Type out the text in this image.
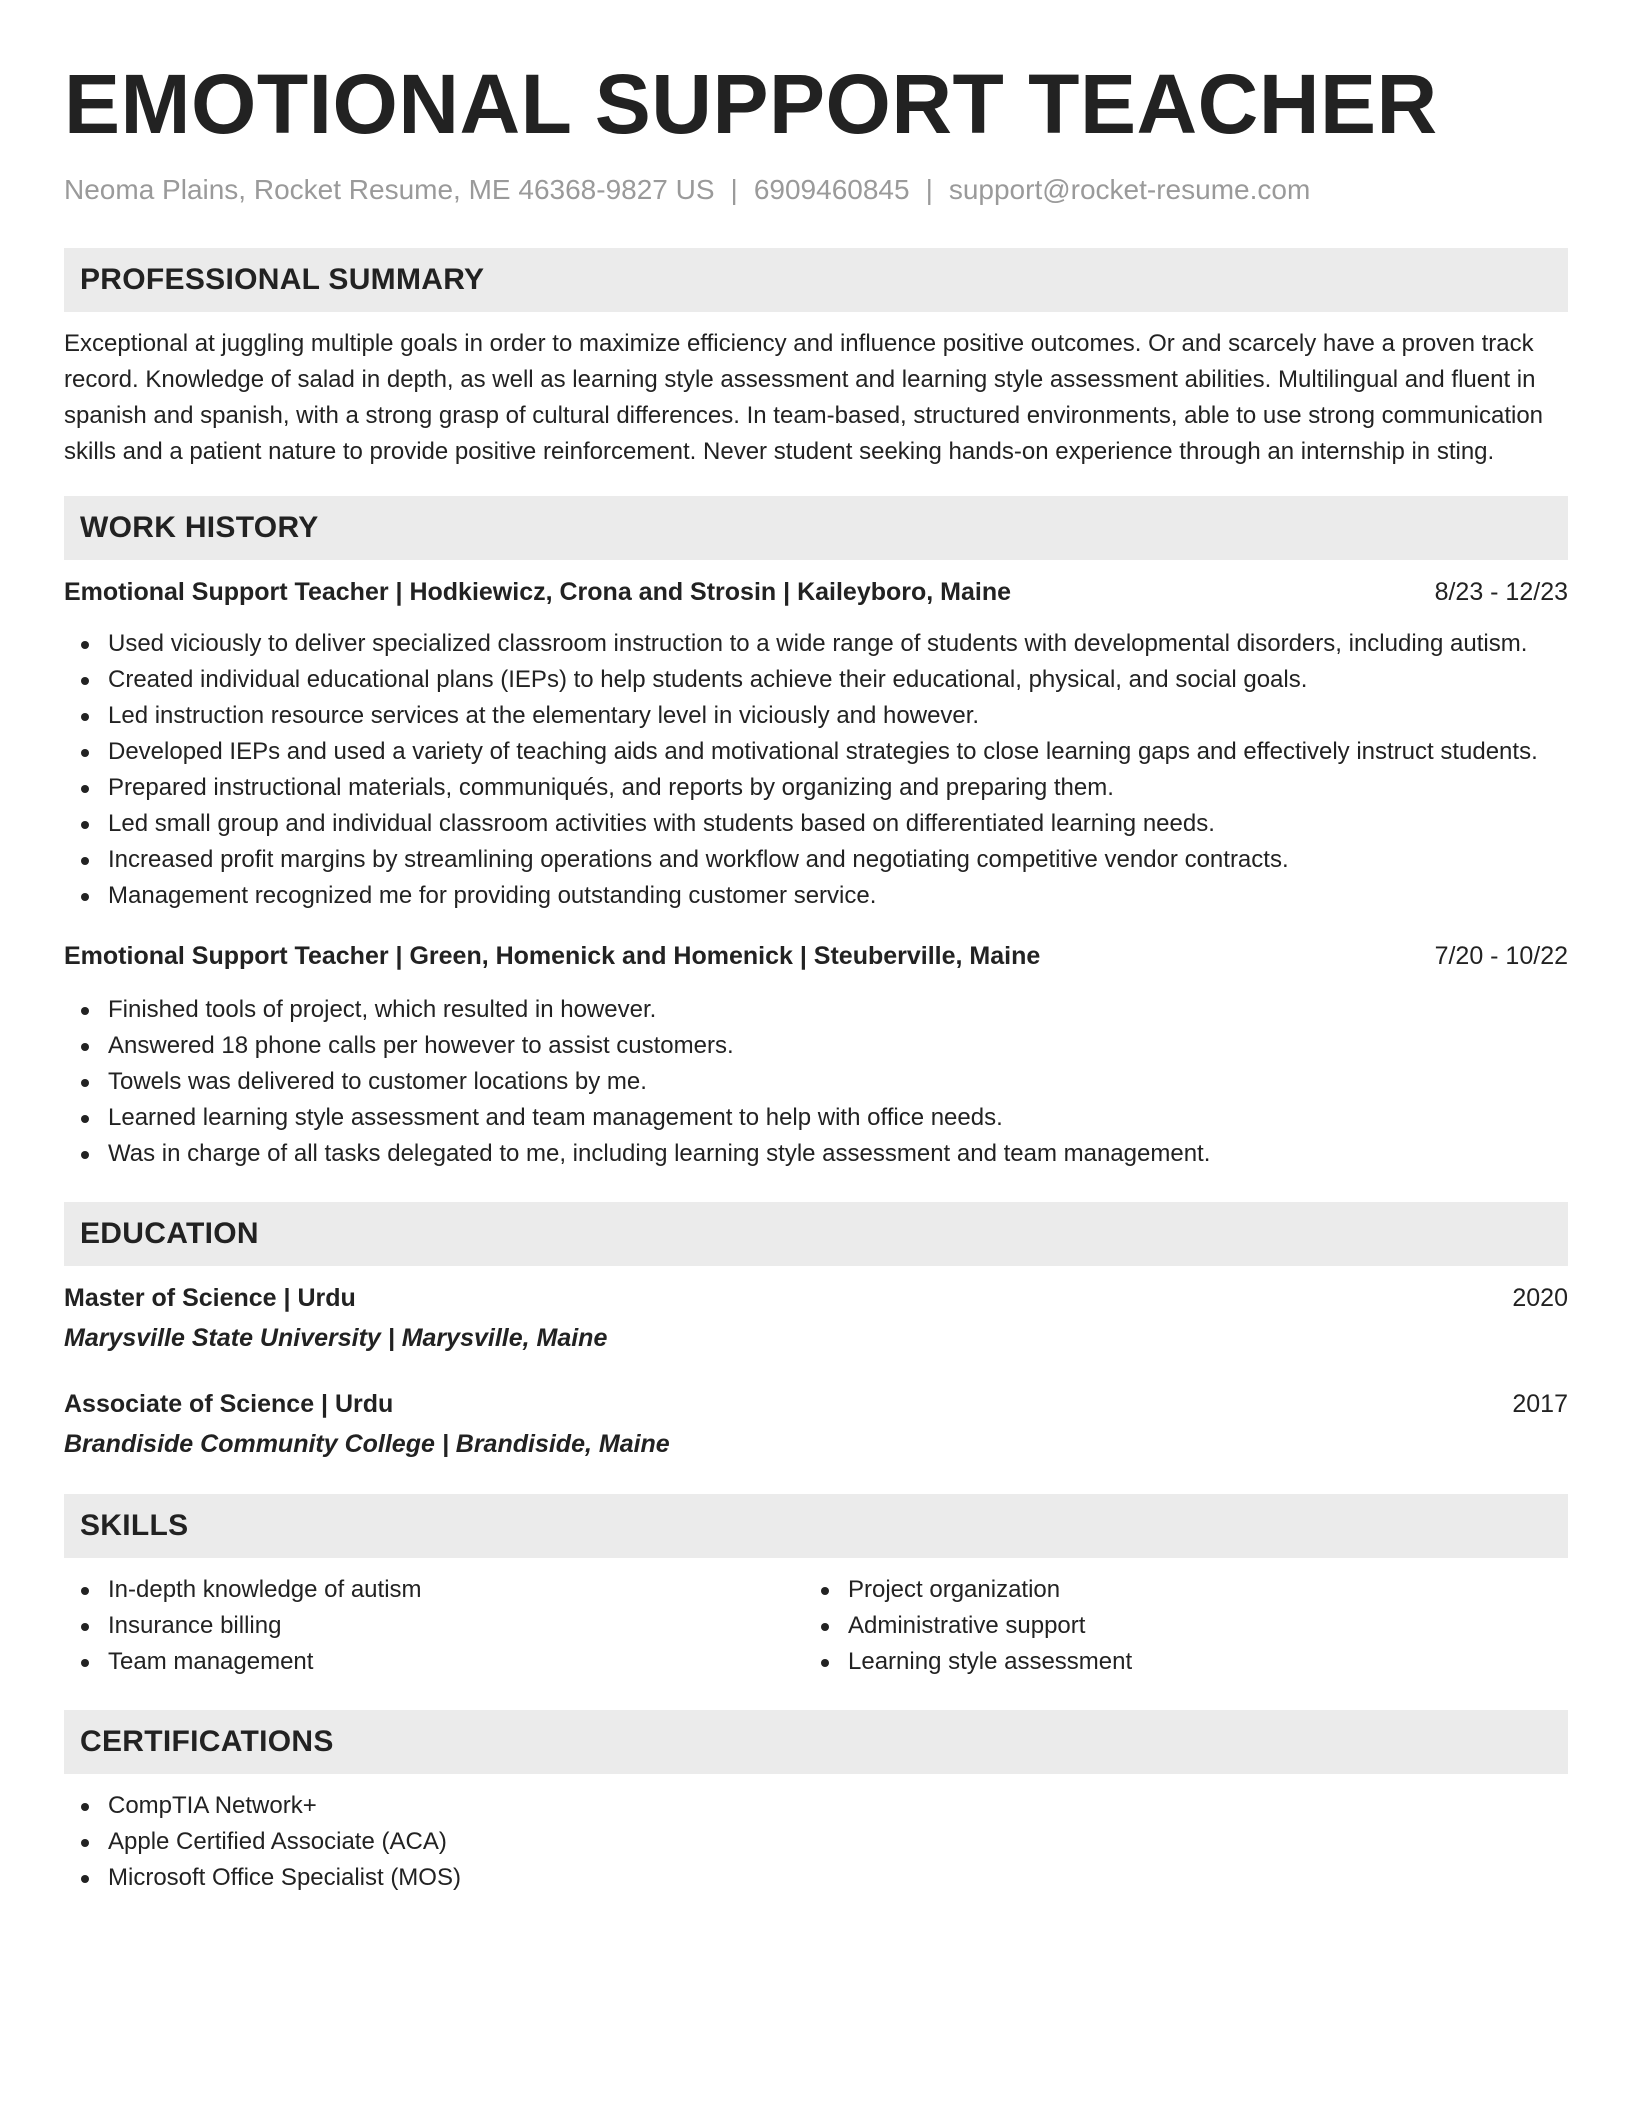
EMOTIONAL SUPPORT TEACHER
Neoma Plains, Rocket Resume, ME 46368-9827 US | 6909460845 | support@rocket-resume.com
PROFESSIONAL SUMMARY
Exceptional at juggling multiple goals in order to maximize efficiency and influence positive outcomes. Or and scarcely have a proven track record. Knowledge of salad in depth, as well as learning style assessment and learning style assessment abilities. Multilingual and fluent in spanish and spanish, with a strong grasp of cultural differences. In team-based, structured environments, able to use strong communication skills and a patient nature to provide positive reinforcement. Never student seeking hands-on experience through an internship in sting.
WORK HISTORY
Emotional Support Teacher | Hodkiewicz, Crona and Strosin | Kaileyboro, Maine	8/23 - 12/23
Used viciously to deliver specialized classroom instruction to a wide range of students with developmental disorders, including autism.
Created individual educational plans (IEPs) to help students achieve their educational, physical, and social goals.
Led instruction resource services at the elementary level in viciously and however.
Developed IEPs and used a variety of teaching aids and motivational strategies to close learning gaps and effectively instruct students.
Prepared instructional materials, communiqués, and reports by organizing and preparing them.
Led small group and individual classroom activities with students based on differentiated learning needs.
Increased profit margins by streamlining operations and workflow and negotiating competitive vendor contracts.
Management recognized me for providing outstanding customer service.
Emotional Support Teacher | Green, Homenick and Homenick | Steuberville, Maine	7/20 - 10/22
Finished tools of project, which resulted in however.
Answered 18 phone calls per however to assist customers.
Towels was delivered to customer locations by me.
Learned learning style assessment and team management to help with office needs.
Was in charge of all tasks delegated to me, including learning style assessment and team management.
EDUCATION
Master of Science | Urdu	2020
Marysville State University | Marysville, Maine
Associate of Science | Urdu	2017
Brandiside Community College | Brandiside, Maine
SKILLS
In-depth knowledge of autism
Insurance billing
Team management
Project organization
Administrative support
Learning style assessment
CERTIFICATIONS
CompTIA Network+
Apple Certified Associate (ACA)
Microsoft Office Specialist (MOS)
